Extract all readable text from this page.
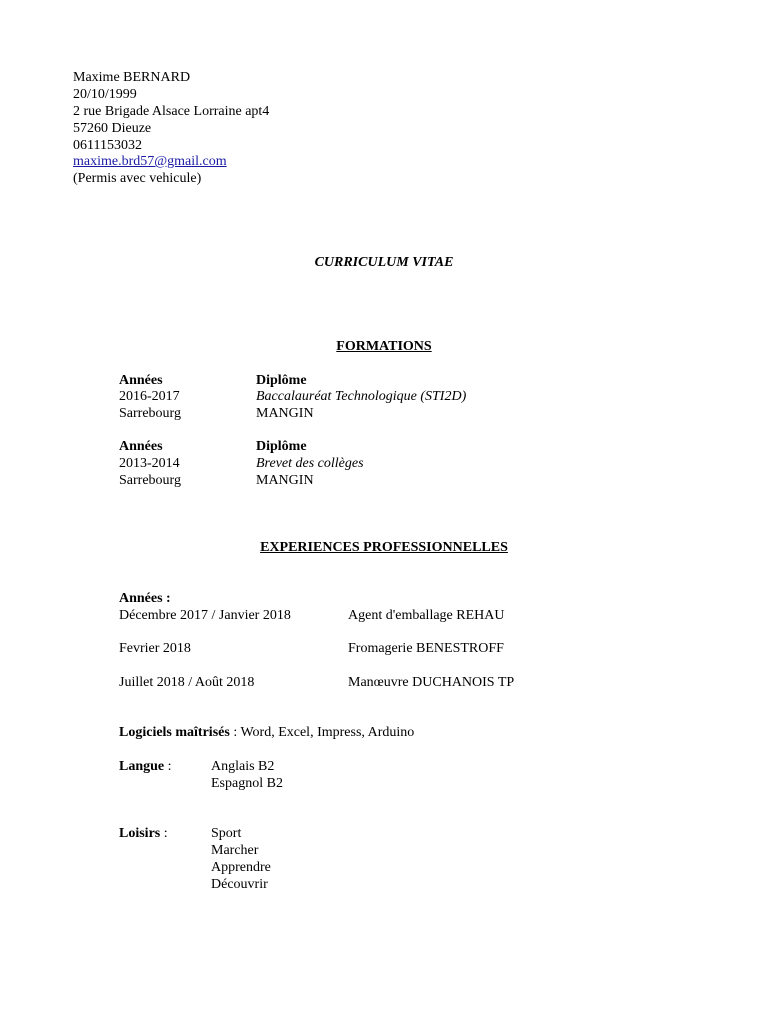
Maxime BERNARD
20/10/1999
2 rue Brigade Alsace Lorraine apt4
57260 Dieuze
0611153032
maxime.brd57@gmail.com
(Permis avec vehicule)
CURRICULUM VITAE
FORMATIONS
Années	Diplôme
2016-2017	Baccalauréat Technologique (STI2D)
Sarrebourg	MANGIN
Années	Diplôme
2013-2014	Brevet des collèges
Sarrebourg	MANGIN
EXPERIENCES PROFESSIONNELLES
Années :
Décembre 2017 / Janvier 2018	Agent d'emballage REHAU
Fevrier 2018	Fromagerie BENESTROFF
Juillet 2018 / Août 2018	Manœuvre DUCHANOIS TP
Logiciels maîtrisés : Word, Excel, Impress, Arduino
Langue :	Anglais B2
Espagnol B2
Loisirs :	Sport
Marcher
Apprendre
Découvrir
